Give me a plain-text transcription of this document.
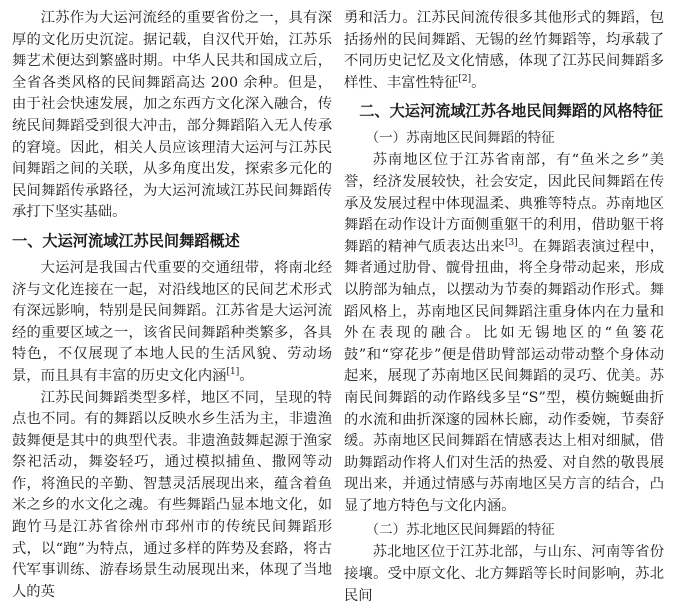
江苏作为大运河流经的重要省份之一，具有深厚的文化历史沉淀。据记载，自汉代开始，江苏乐舞艺术便达到繁盛时期。中华人民共和国成立后，全省各类风格的民间舞蹈高达 200 余种。但是，由于社会快速发展，加之东西方文化深入融合，传统民间舞蹈受到很大冲击，部分舞蹈陷入无人传承的窘境。因此，相关人员应该理清大运河与江苏民间舞蹈之间的关联，从多角度出发，探索多元化的民间舞蹈传承路径，为大运河流域江苏民间舞蹈传承打下坚实基础。

一、大运河流域江苏民间舞蹈概述

大运河是我国古代重要的交通纽带，将南北经济与文化连接在一起，对沿线地区的民间艺术形式有深远影响，特别是民间舞蹈。江苏省是大运河流经的重要区域之一，该省民间舞蹈种类繁多，各具特色，不仅展现了本地人民的生活风貌、劳动场景，而且具有丰富的历史文化内涵[1]。

江苏民间舞蹈类型多样，地区不同，呈现的特点也不同。有的舞蹈以反映水乡生活为主，非遗渔鼓舞便是其中的典型代表。非遗渔鼓舞起源于渔家祭祀活动，舞姿轻巧，通过模拟捕鱼、撒网等动作，将渔民的辛勤、智慧灵活展现出来，蕴含着鱼米之乡的水文化之魂。有些舞蹈凸显本地文化，如跑竹马是江苏省徐州市邳州市的传统民间舞蹈形式，以“跑”为特点，通过多样的阵势及套路，将古代军事训练、游春场景生动展现出来，体现了当地人的英

勇和活力。江苏民间流传很多其他形式的舞蹈，包括扬州的民间舞蹈、无锡的丝竹舞蹈等，均承载了不同历史记忆及文化情感，体现了江苏民间舞蹈多样性、丰富性特征[2]。

二、大运河流域江苏各地民间舞蹈的风格特征
（一）苏南地区民间舞蹈的特征

苏南地区位于江苏省南部，有“鱼米之乡”美誉，经济发展较快，社会安定，因此民间舞蹈在传承及发展过程中体现温柔、典雅等特点。苏南地区舞蹈在动作设计方面侧重躯干的利用，借助躯干将舞蹈的精神气质表达出来[3]。在舞蹈表演过程中，舞者通过肋骨、髋骨扭曲，将全身带动起来，形成以胯部为轴点，以摆动为节奏的舞蹈动作形式。舞蹈风格上，苏南地区民间舞蹈注重身体内在力量和外在表现的融合。比如无锡地区的“鱼篓花鼓”和“穿花步”便是借助臂部运动带动整个身体动起来，展现了苏南地区民间舞蹈的灵巧、优美。苏南民间舞蹈的动作路线多呈“S”型，模仿蜿蜒曲折的水流和曲折深邃的园林长廊，动作委婉，节奏舒缓。苏南地区民间舞蹈在情感表达上相对细腻，借助舞蹈动作将人们对生活的热爱、对自然的敬畏展现出来，并通过情感与苏南地区吴方言的结合，凸显了地方特色与文化内涵。

（二）苏北地区民间舞蹈的特征

苏北地区位于江苏北部，与山东、河南等省份接壤。受中原文化、北方舞蹈等长时间影响，苏北民间
